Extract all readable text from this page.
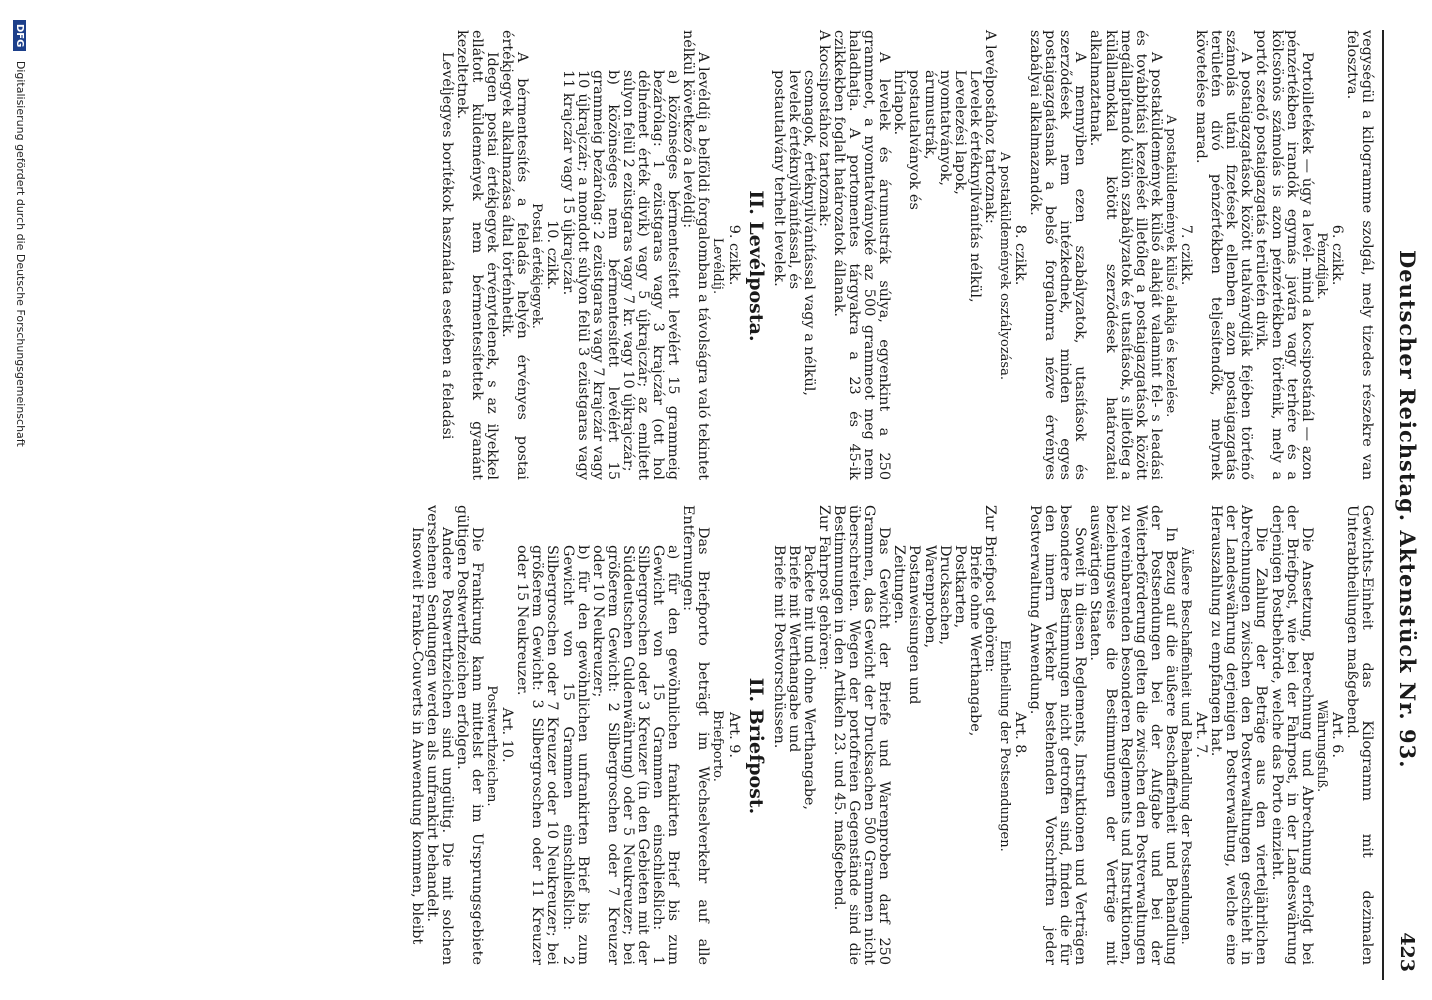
Deutscher Reichstag. Aktenstück Nr. 93.
423

Gewichts-Einheit das Kilogramm mit dezimalen Unterabtheilungen maßgebend.

Art. 6.

Währungsfuß.

Die Ansetzung, Berechnung und Abrechnung erfolgt bei der Briefpost, wie bei der Fahrpost, in der Landeswährung derjenigen Postbehörde, welche das Porto einzieht.

Die Zahlung der Beträge aus den vierteljährlichen Abrechnungen zwischen den Postverwaltungen geschieht in der Landeswährung derjenigen Postverwaltung, welche eine Herauszahlung zu empfangen hat.

Art. 7.

Äußere Beschaffenheit und Behandlung der Postsendungen.

In Bezug auf die äußere Beschaffenheit und Behandlung der Postsendungen bei der Aufgabe und bei der Weiterbeförderung gelten die zwischen den Postverwaltungen zu vereinbarenden besonderen Reglements und Instruktionen, beziehungsweise die Bestimmungen der Verträge mit auswärtigen Staaten.

Soweit in diesen Reglements, Instruktionen und Verträgen besondere Bestimmungen nicht getroffen sind, finden die für den innern Verkehr bestehenden Vorschriften jeder Postverwaltung Anwendung.

Art. 8.

Eintheilung der Postsendungen.

Zur Briefpost gehören:

Briefe ohne Werthangabe,

Postkarten,

Drucksachen,

Warenproben,

Postanweisungen und

Zeitungen.

Das Gewicht der Briefe und Warenproben darf 250 Grammen, das Gewicht der Drucksachen 500 Grammen nicht überschreiten. Wegen der portofreien Gegenstände sind die Bestimmungen in den Artikeln 23. und 45. maßgebend.

Zur Fahrpost gehören:

Packete mit und ohne Werthangabe,

Briefe mit Werthangabe und

Briefe mit Postvorschüssen.

II. Briefpost.

Art. 9.

Briefporto.

Das Briefporto beträgt im Wechselverkehr auf alle Entfernungen:

a) für den gewöhnlichen frankirten Brief bis zum Gewicht von 15 Grammen einschließlich: 1 Silbergroschen oder 3 Kreuzer (in den Gebieten mit der Süddeutschen Guldenwährung) oder 5 Neukreuzer; bei größerem Gewicht: 2 Silbergroschen oder 7 Kreuzer oder 10 Neukreuzer;

b) für den gewöhnlichen unfrankirten Brief bis zum Gewicht von 15 Grammen einschließlich: 2 Silbergroschen oder 7 Kreuzer oder 10 Neukreuzer; bei größerem Gewicht: 3 Silbergroschen oder 11 Kreuzer oder 15 Neukreuzer.

Art. 10.

Postwerthzeichen.

Die Frankirung kann mittelst der im Ursprungsgebiete gültigen Postwerthzeichen erfolgen.

Andere Postwerthzeichen sind ungültig. Die mit solchen versehenen Sendungen werden als unfrankirt behandelt.

Insoweit Franko-Couverts in Anwendung kommen, bleibt

vegységül a kilogramme szolgál, mely tizedes részekre van felosztva.

6. czikk.

Pénzdíjak.

Portoilletékek — úgy a levél- mind a kocsipostánál — azon pénzértékben irandók egymás javára vagy terhére és a kölcsönös számolás is azon pénzértékben történik, mely a portót szedő postaigazgatás területén divik.

A postaigazgatások között utalványdíjak fejében történő számolás utáni fizetések ellenben azon postaigazgatás területén divó pénzértékben teljesítendők, melynek követelése marad.

7. czikk.

A postaküldemények külső alakja és kezelése.

A postaküldemények külső alakját valamint fel- s leadási és továbbítási kezelését illetőleg a postaigazgatások között megállapítandó külön szabályzatok és utasítások, s illetőleg a külállamokkal kötött szerződések határozatai alkalmaztatnak.

A mennyiben ezen szabályzatok, utasítások és szerződések nem intézkednek, minden egyes postaigazgatásnak a belső forgalomra nézve érvényes szabályai alkalmazandók.

8. czikk.

A postaküldemények osztályozása.

A levélpostához tartoznak:

Levelek értéknyilvánítás nélkül,

Levelezési lapok,

nyomtatványok,

árumustrák,

postautalványok és

hírlapok.

A levelek és árumustrák súlya, egyenkint a 250 grammeot, a nyomtatványoké az 500 grammeot meg nem haladhatja. A portomentes tárgyakra a 23 és 45-ik czikkekben foglalt határozatok állanak.

A kocsipostához tartoznak:

csomagok, értéknyilvánítással vagy a nélkül,

levelek értéknyilvánítással, és

postautalvány terhelt levelek.

II. Levélposta.

9. czikk.

Levéldíj.

A levéldíj a belföldi forgalomban a távolságra való tekintet nélkül következő a levéldíj:

a) közönséges bérmentesített levélért 15 grammeig bezárólag: 1 ezüstgaras vagy 3 krajczár (ott hol délnémet érték divik) vagy 5 újkrajczár; az említett súlyon felül 2 ezüstgaras vagy 7 kr. vagy 10 újkrajczár;

b) közönséges nem bérmentesített levélért 15 grammeig bezárólag: 2 ezüstgaras vagy 7 krajczár vagy 10 újkrajczár; a mondott súlyon felül 3 ezüstgaras vagy 11 krajczár vagy 15 újkrajczár.

10. czikk.

Postai értékjegyek.

A bérmentesítés a feladás helyén érvényes postai értékjegyek alkalmazása által történhetik.

Idegen postai értékjegyek érvénytelenek, s az ilyekkel ellátott küldemények nem bérmentesítettek gyanánt kezeltetnek.

Levéljegyes borítékok használata esetében a feladási

DFG Digitalisierung gefördert durch die Deutsche Forschungsgemeinschaft
